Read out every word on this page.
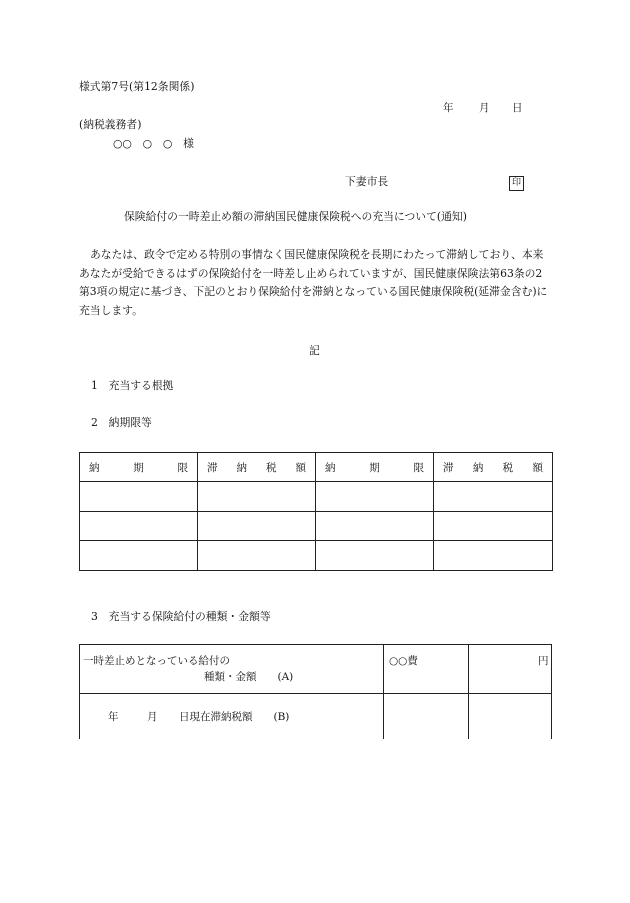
様式第7号(第12条関係)
年 月 日
(納税義務者)
○○　○　○　様
下妻市長	印
保険給付の一時差止め額の滞納国民健康保険税への充当について(通知)
あなたは、政令で定める特別の事情なく国民健康保険税を長期にわたって滞納しており、本来あなたが受給できるはずの保険給付を一時差し止められていますが、国民健康保険法第63条の2第3項の規定に基づき、下記のとおり保険給付を滞納となっている国民健康保険税(延滞金含む)に充当します。
記
1　充当する根拠
2　納期限等
納 期 限	滞 納 税 額	納 期 限	滞 納 税 額

3　充当する保険給付の種類・金額等
一時差止めとなっている給付の
種類・金額　　(A)
○○費	円
年	月 日現在滞納税額　　(B)
